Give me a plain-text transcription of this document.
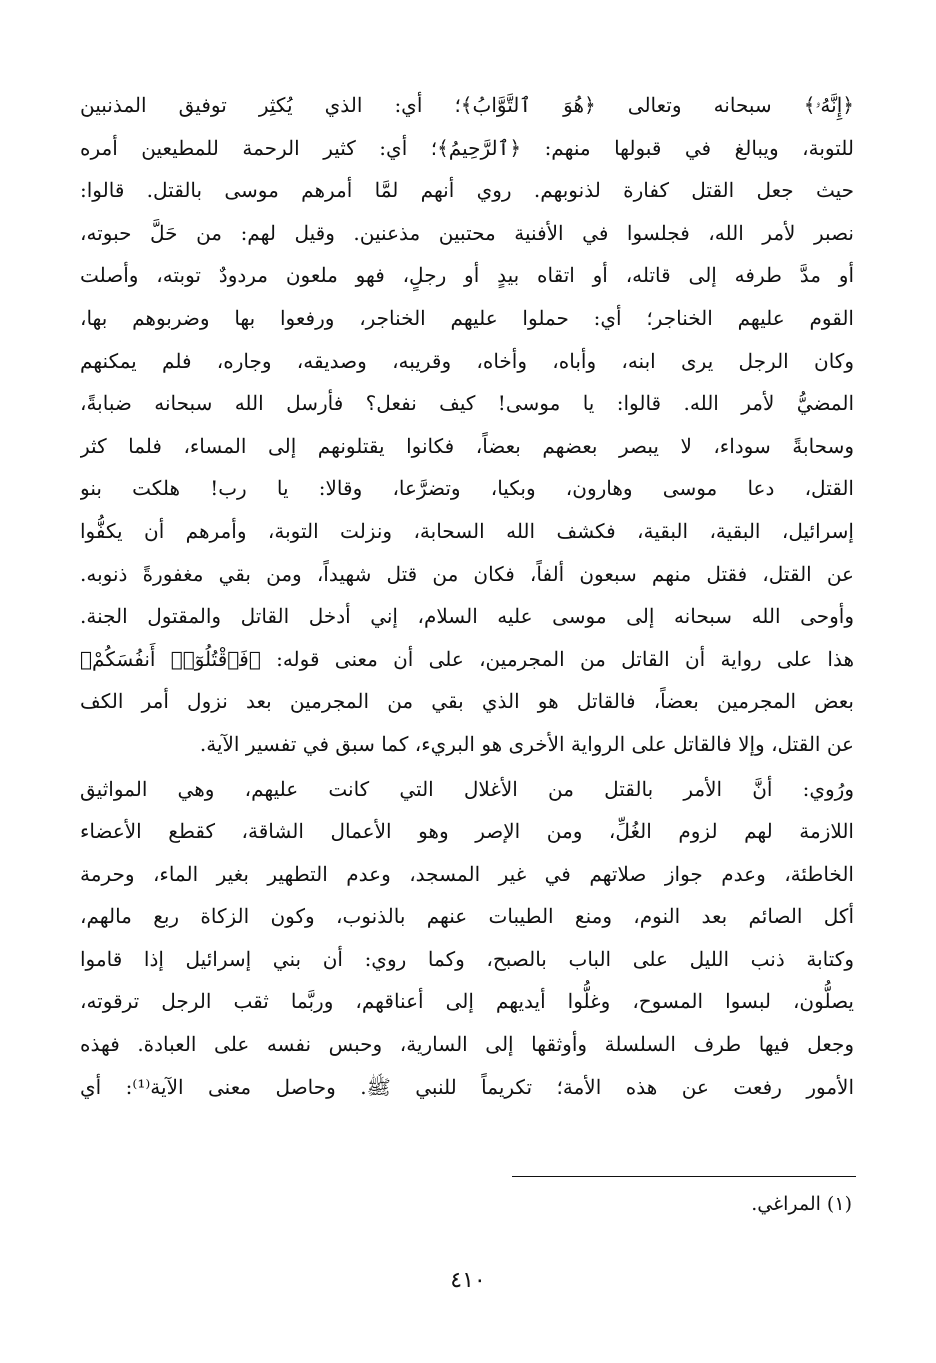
﴿إِنَّهُۥ﴾ سبحانه وتعالى ﴿هُوَ ٱلتَّوَّابُ﴾؛ أي: الذي يُكثِر توفيق المذنبين
للتوبة، ويبالغ في قبولها منهم: ﴿ٱلرَّحِيمُ﴾؛ أي: كثير الرحمة للمطيعين أمره
حيث جعل القتل كفارة لذنوبهم. روي أنهم لمَّا أمرهم موسى بالقتل. قالوا:
نصبر لأمر الله، فجلسوا في الأفنية محتبين مذعنين. وقيل لهم: من حَلَّ حبوته،
أو مدَّ طرفه إلى قاتله، أو اتقاه بيدٍ أو رجلٍ، فهو ملعون مردودٌ توبته، وأصلت
القوم عليهم الخناجر؛ أي: حملوا عليهم الخناجر، ورفعوا بها وضربوهم بها،
وكان الرجل يرى ابنه، وأباه، وأخاه، وقريبه، وصديقه، وجاره، فلم يمكنهم
المضيُّ لأمر الله. قالوا: يا موسى! كيف نفعل؟ فأرسل الله سبحانه ضبابةً،
وسحابةً سوداء، لا يبصر بعضهم بعضاً، فكانوا يقتلونهم إلى المساء، فلما كثر
القتل، دعا موسى وهارون، وبكيا، وتضرَّعا، وقالا: يا رب! هلكت بنو
إسرائيل، البقية، البقية، فكشف الله السحابة، ونزلت التوبة، وأمرهم أن يكفُّوا
عن القتل، فقتل منهم سبعون ألفاً، فكان من قتل شهيداً، ومن بقي مغفورةً ذنوبه.
وأوحى الله سبحانه إلى موسى عليه السلام، إني أدخل القاتل والمقتول الجنة.
هذا على رواية أن القاتل من المجرمين، على أن معنى قوله: ﴿فَٱقْتُلُوٓا۟ أَنفُسَكُمْ﴾
بعض المجرمين بعضاً، فالقاتل هو الذي بقي من المجرمين بعد نزول أمر الكف
عن القتل، وإلا فالقاتل على الرواية الأخرى هو البريء، كما سبق في تفسير الآية.
ورُوي: أنَّ الأمر بالقتل من الأغلال التي كانت عليهم، وهي المواثيق
اللازمة لهم لزوم الغُلِّ، ومن الإصر وهو الأعمال الشاقة، كقطع الأعضاء
الخاطئة، وعدم جواز صلاتهم في غير المسجد، وعدم التطهير بغير الماء، وحرمة
أكل الصائم بعد النوم، ومنع الطيبات عنهم بالذنوب، وكون الزكاة ربع مالهم،
وكتابة ذنب الليل على الباب بالصبح، وكما روي: أن بني إسرائيل إذا قاموا
يصلُّون، لبسوا المسوح، وغلُّوا أيديهم إلى أعناقهم، وربَّما ثقب الرجل ترقوته،
وجعل فيها طرف السلسلة وأوثقها إلى السارية، وحبس نفسه على العبادة. فهذه
الأمور رفعت عن هذه الأمة؛ تكريماً للنبي ﷺ. وحاصل معنى الآية⁽¹⁾: أي
(١) المراغي.
٤١٠
